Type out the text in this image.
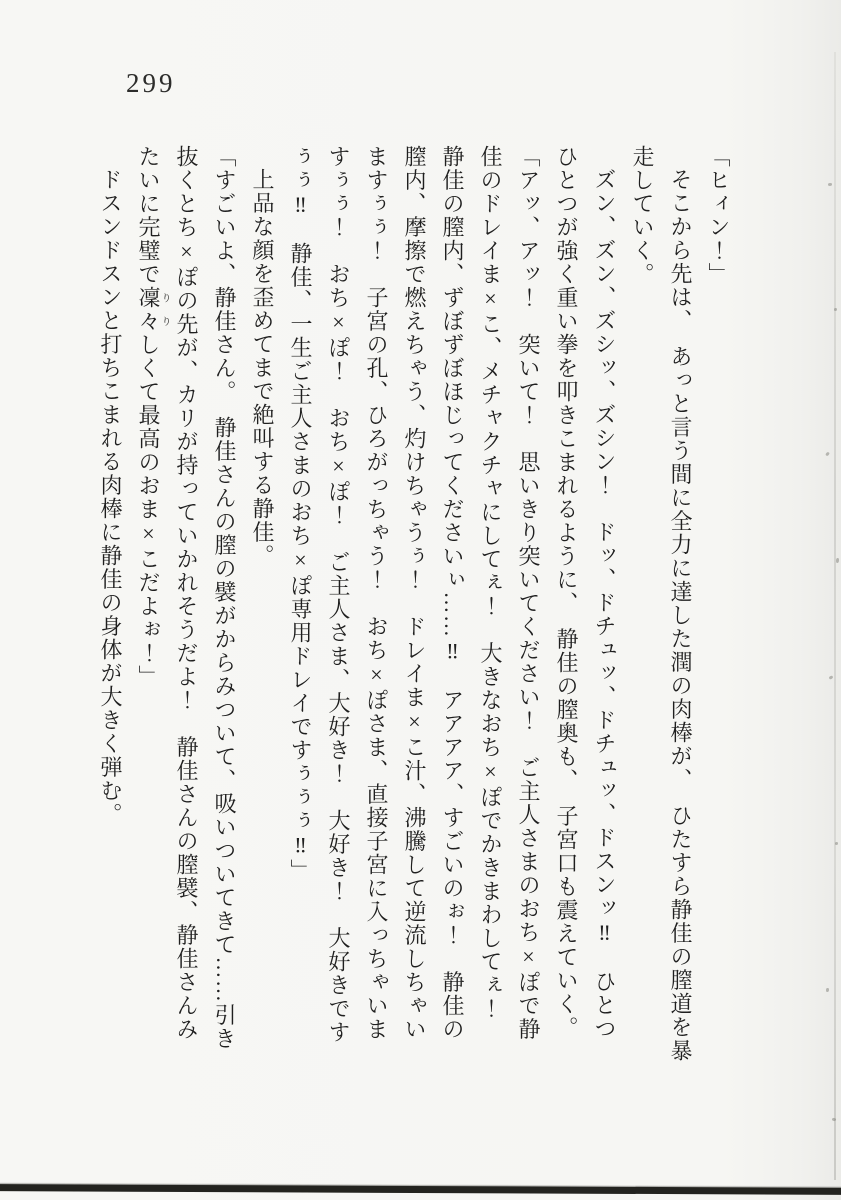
299
「ヒィン！」
そこから先は、　あっと言う間に全力に達した潤の肉棒が、　ひたすら静佳の膣道を暴
走していく。
ズン、ズン、ズシッ、ズシン！　ドッ、ドチュッ、ドチュッ、ドスンッ‼　ひとつ
ひとつが強く重い拳を叩きこまれるように、　静佳の膣奥も、　子宮口も震えていく。
「アッ、アッ！　突いて！　思いきり突いてください！　ご主人さまのおち×ぽで静
佳のドレイま×こ、メチャクチャにしてぇ！　大きなおち×ぽでかきまわしてぇ！
静佳の膣内、ずぼずぼほじってくださいぃ……‼　アアアア、すごいのぉ！　静佳の
膣内、摩擦で燃えちゃう、灼けちゃうぅ！　ドレイま×こ汁、沸騰して逆流しちゃい
ますぅぅ！　子宮の孔、ひろがっちゃう！　おち×ぽさま、直接子宮に入っちゃいま
すぅぅ！　おち×ぽ！　おち×ぽ！　ご主人さま、大好き！　大好き！　大好きです
ぅぅ‼　静佳、一生ご主人さまのおち×ぽ専用ドレイですぅぅぅ‼」
上品な顔を歪めてまで絶叫する静佳。
「すごいよ、静佳さん。　静佳さんの膣の襞がからみついて、吸いついてきて……引き
抜くとち×ぽの先が、カリが持っていかれそうだよ！　静佳さんの膣襞、静佳さんみ
たいに完璧で凜々りりしくて最高のおま×こだよぉ！」
ドスンドスンと打ちこまれる肉棒に静佳の身体が大きく弾む。
